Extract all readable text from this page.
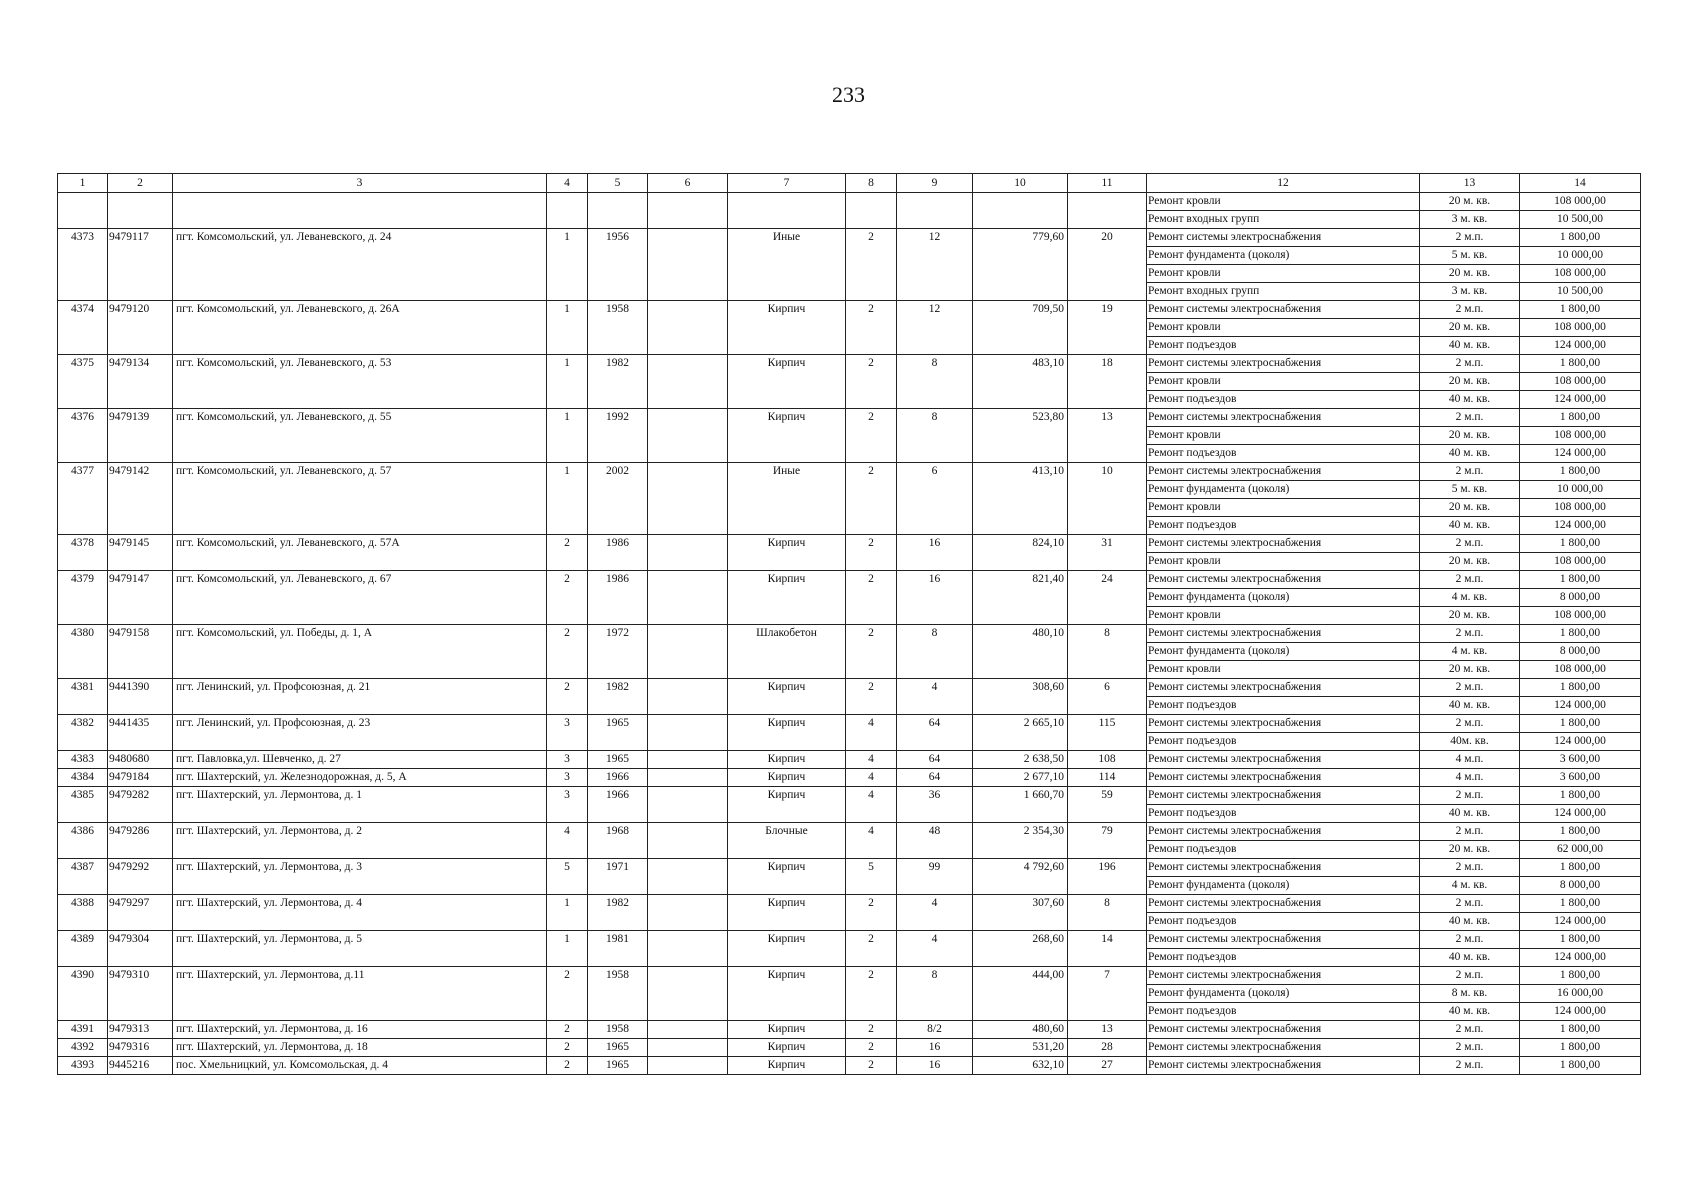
233
1	2	3	4	5	6	7	8	9	10	11	12	13	14
											Ремонт кровли	20 м. кв.	108 000,00
											Ремонт входных групп	3 м. кв.	10 500,00
4373	9479117	пгт. Комсомольский, ул. Леваневского, д. 24	1	1956		Иные	2	12	779,60	20	Ремонт системы электроснабжения	2 м.п.	1 800,00
											Ремонт фундамента (цоколя)	5 м. кв.	10 000,00
											Ремонт кровли	20 м. кв.	108 000,00
											Ремонт входных групп	3 м. кв.	10 500,00
4374	9479120	пгт. Комсомольский, ул. Леваневского, д. 26А	1	1958		Кирпич	2	12	709,50	19	Ремонт системы электроснабжения	2 м.п.	1 800,00
											Ремонт кровли	20 м. кв.	108 000,00
											Ремонт подъездов	40 м. кв.	124 000,00
4375	9479134	пгт. Комсомольский, ул. Леваневского, д. 53	1	1982		Кирпич	2	8	483,10	18	Ремонт системы электроснабжения	2 м.п.	1 800,00
											Ремонт кровли	20 м. кв.	108 000,00
											Ремонт подъездов	40 м. кв.	124 000,00
4376	9479139	пгт. Комсомольский, ул. Леваневского, д. 55	1	1992		Кирпич	2	8	523,80	13	Ремонт системы электроснабжения	2 м.п.	1 800,00
											Ремонт кровли	20 м. кв.	108 000,00
											Ремонт подъездов	40 м. кв.	124 000,00
4377	9479142	пгт. Комсомольский, ул. Леваневского, д. 57	1	2002		Иные	2	6	413,10	10	Ремонт системы электроснабжения	2 м.п.	1 800,00
											Ремонт фундамента (цоколя)	5 м. кв.	10 000,00
											Ремонт кровли	20 м. кв.	108 000,00
											Ремонт подъездов	40 м. кв.	124 000,00
4378	9479145	пгт. Комсомольский, ул. Леваневского, д. 57А	2	1986		Кирпич	2	16	824,10	31	Ремонт системы электроснабжения	2 м.п.	1 800,00
											Ремонт кровли	20 м. кв.	108 000,00
4379	9479147	пгт. Комсомольский, ул. Леваневского, д. 67	2	1986		Кирпич	2	16	821,40	24	Ремонт системы электроснабжения	2 м.п.	1 800,00
											Ремонт фундамента (цоколя)	4 м. кв.	8 000,00
											Ремонт кровли	20 м. кв.	108 000,00
4380	9479158	пгт. Комсомольский, ул. Победы, д. 1, А	2	1972		Шлакобетон	2	8	480,10	8	Ремонт системы электроснабжения	2 м.п.	1 800,00
											Ремонт фундамента (цоколя)	4 м. кв.	8 000,00
											Ремонт кровли	20 м. кв.	108 000,00
4381	9441390	пгт. Ленинский, ул. Профсоюзная, д. 21	2	1982		Кирпич	2	4	308,60	6	Ремонт системы электроснабжения	2 м.п.	1 800,00
											Ремонт подъездов	40 м. кв.	124 000,00
4382	9441435	пгт. Ленинский, ул. Профсоюзная, д. 23	3	1965		Кирпич	4	64	2 665,10	115	Ремонт системы электроснабжения	2 м.п.	1 800,00
											Ремонт подъездов	40м. кв.	124 000,00
4383	9480680	пгт. Павловка,ул. Шевченко, д. 27	3	1965		Кирпич	4	64	2 638,50	108	Ремонт системы электроснабжения	4 м.п.	3 600,00
4384	9479184	пгт. Шахтерский, ул. Железнодорожная, д. 5, А	3	1966		Кирпич	4	64	2 677,10	114	Ремонт системы электроснабжения	4 м.п.	3 600,00
4385	9479282	пгт. Шахтерский, ул. Лермонтова, д. 1	3	1966		Кирпич	4	36	1 660,70	59	Ремонт системы электроснабжения	2 м.п.	1 800,00
											Ремонт подъездов	40 м. кв.	124 000,00
4386	9479286	пгт. Шахтерский, ул. Лермонтова, д. 2	4	1968		Блочные	4	48	2 354,30	79	Ремонт системы электроснабжения	2 м.п.	1 800,00
											Ремонт подъездов	20 м. кв.	62 000,00
4387	9479292	пгт. Шахтерский, ул. Лермонтова, д. 3	5	1971		Кирпич	5	99	4 792,60	196	Ремонт системы электроснабжения	2 м.п.	1 800,00
											Ремонт фундамента (цоколя)	4 м. кв.	8 000,00
4388	9479297	пгт. Шахтерский, ул. Лермонтова, д. 4	1	1982		Кирпич	2	4	307,60	8	Ремонт системы электроснабжения	2 м.п.	1 800,00
											Ремонт подъездов	40 м. кв.	124 000,00
4389	9479304	пгт. Шахтерский, ул. Лермонтова, д. 5	1	1981		Кирпич	2	4	268,60	14	Ремонт системы электроснабжения	2 м.п.	1 800,00
											Ремонт подъездов	40 м. кв.	124 000,00
4390	9479310	пгт. Шахтерский, ул. Лермонтова, д.11	2	1958		Кирпич	2	8	444,00	7	Ремонт системы электроснабжения	2 м.п.	1 800,00
											Ремонт фундамента (цоколя)	8 м. кв.	16 000,00
											Ремонт подъездов	40 м. кв.	124 000,00
4391	9479313	пгт. Шахтерский, ул. Лермонтова, д. 16	2	1958		Кирпич	2	8/2	480,60	13	Ремонт системы электроснабжения	2 м.п.	1 800,00
4392	9479316	пгт. Шахтерский, ул. Лермонтова, д. 18	2	1965		Кирпич	2	16	531,20	28	Ремонт системы электроснабжения	2 м.п.	1 800,00
4393	9445216	пос. Хмельницкий, ул. Комсомольская, д. 4	2	1965		Кирпич	2	16	632,10	27	Ремонт системы электроснабжения	2 м.п.	1 800,00
